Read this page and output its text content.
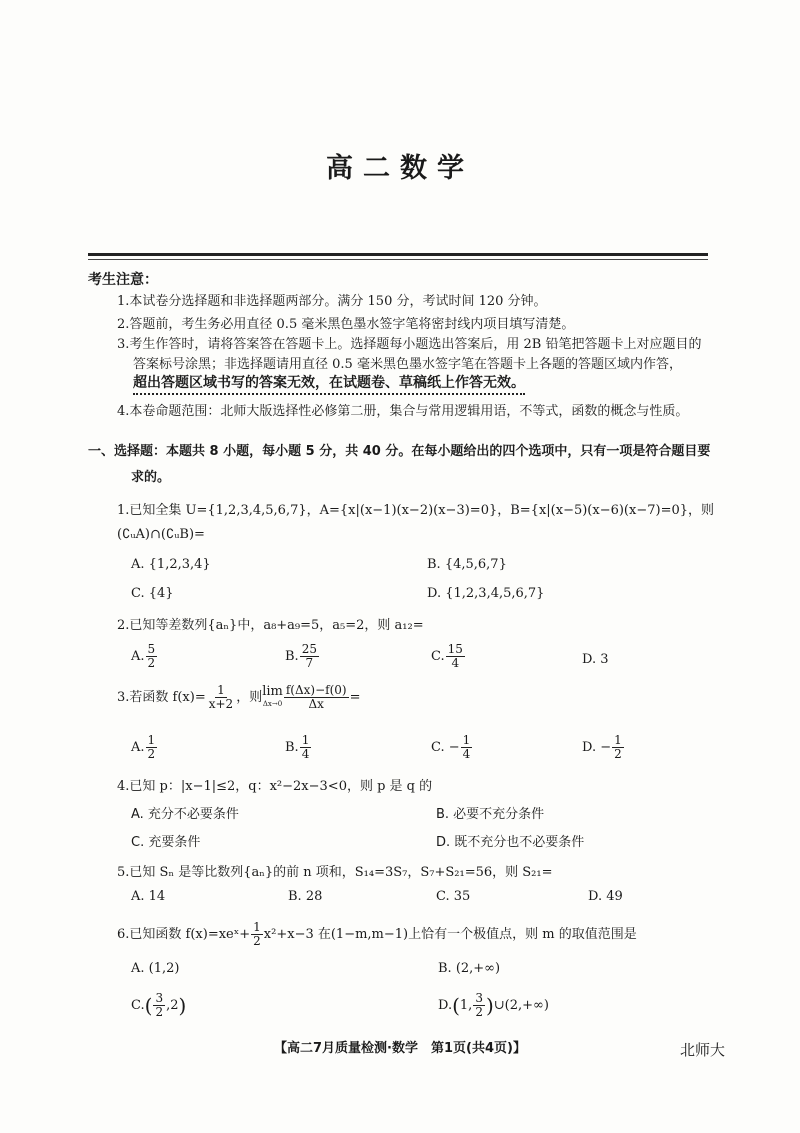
高二数学
考生注意：
1.本试卷分选择题和非选择题两部分。满分 150 分，考试时间 120 分钟。
2.答题前，考生务必用直径 0.5 毫米黑色墨水签字笔将密封线内项目填写清楚。
3.考生作答时，请将答案答在答题卡上。选择题每小题选出答案后，用 2B 铅笔把答题卡上对应题目的
答案标号涂黑；非选择题请用直径 0.5 毫米黑色墨水签字笔在答题卡上各题的答题区域内作答，
超出答题区域书写的答案无效，在试题卷、草稿纸上作答无效。
4.本卷命题范围：北师大版选择性必修第二册，集合与常用逻辑用语，不等式，函数的概念与性质。
一、选择题：本题共 8 小题，每小题 5 分，共 40 分。在每小题给出的四个选项中，只有一项是符合题目要
求的。
1.已知全集 U={1,2,3,4,5,6,7}，A={x|(x−1)(x−2)(x−3)=0}，B={x|(x−5)(x−6)(x−7)=0}，则
(∁ᵤA)∩(∁ᵤB)=
A. {1,2,3,4}	B. {4,5,6,7}
C. {4}	D. {1,2,3,4,5,6,7}
2.已知等差数列{aₙ}中，a₈+a₉=5，a₅=2，则 a₁₂=
A. $\frac{5}{2}$	B. $\frac{25}{7}$	C. $\frac{15}{4}$	D. 3
3.若函数 $f(x)= \frac{1}{x+2}$ ，则 lim
$\Delta x\to 0 \frac{f(\Delta x)-f(0)}{\Delta x}$ =
A. $\frac{1}{2}$	B. $\frac{1}{4}$	C. − $\frac{1}{4}$	D. − $\frac{1}{2}$
4.已知 p：|x−1|≤2，q：x²−2x−3<0，则 p 是 q 的
A. 充分不必要条件	B. 必要不充分条件
C. 充要条件	D. 既不充分也不必要条件
5.已知 Sₙ 是等比数列{aₙ}的前 n 项和，S₁₄=3S₇，S₇+S₂₁=56，则 S₂₁=
A. 14	B. 28	C. 35	D. 49
6.已知函数 f(x)=xeˣ+ $\frac{1}{2} x^2+x-3$ 在(1−m,m−1)上恰有一个极值点，则 m 的取值范围是
A. (1,2)	B. (2,+∞)
$C.( \frac{3}{2} ,2)$	D.(1, $\frac{3}{2}$ )∪(2,+∞)
【高二7月质量检测·数学　第1页(共4页)】	北师大
